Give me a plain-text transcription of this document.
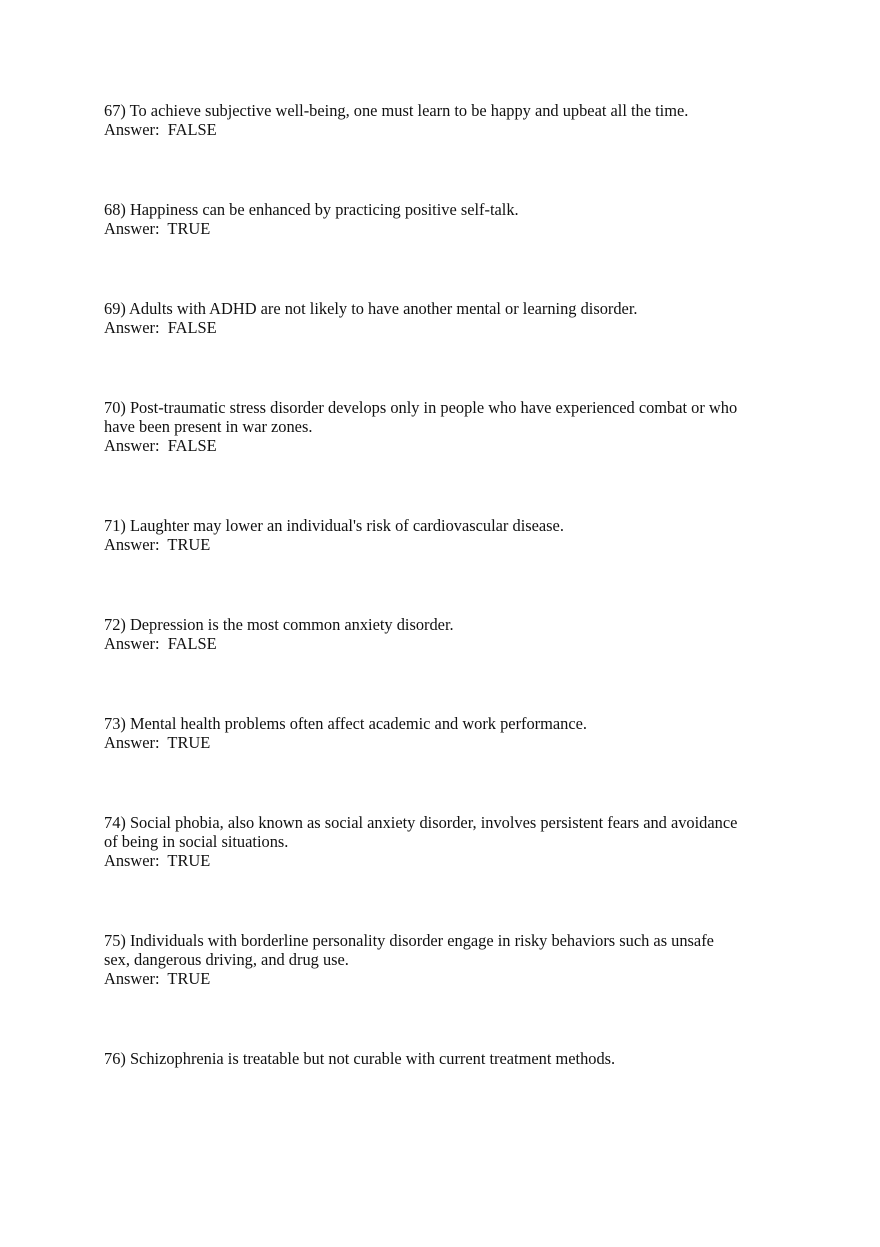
67) To achieve subjective well-being, one must learn to be happy and upbeat all the time.
Answer:  FALSE
68) Happiness can be enhanced by practicing positive self-talk.
Answer:  TRUE
69) Adults with ADHD are not likely to have another mental or learning disorder.
Answer:  FALSE
70) Post-traumatic stress disorder develops only in people who have experienced combat or who
have been present in war zones.
Answer:  FALSE
71) Laughter may lower an individual's risk of cardiovascular disease.
Answer:  TRUE
72) Depression is the most common anxiety disorder.
Answer:  FALSE
73) Mental health problems often affect academic and work performance.
Answer:  TRUE
74) Social phobia, also known as social anxiety disorder, involves persistent fears and avoidance
of being in social situations.
Answer:  TRUE
75) Individuals with borderline personality disorder engage in risky behaviors such as unsafe
sex, dangerous driving, and drug use.
Answer:  TRUE
76) Schizophrenia is treatable but not curable with current treatment methods.
